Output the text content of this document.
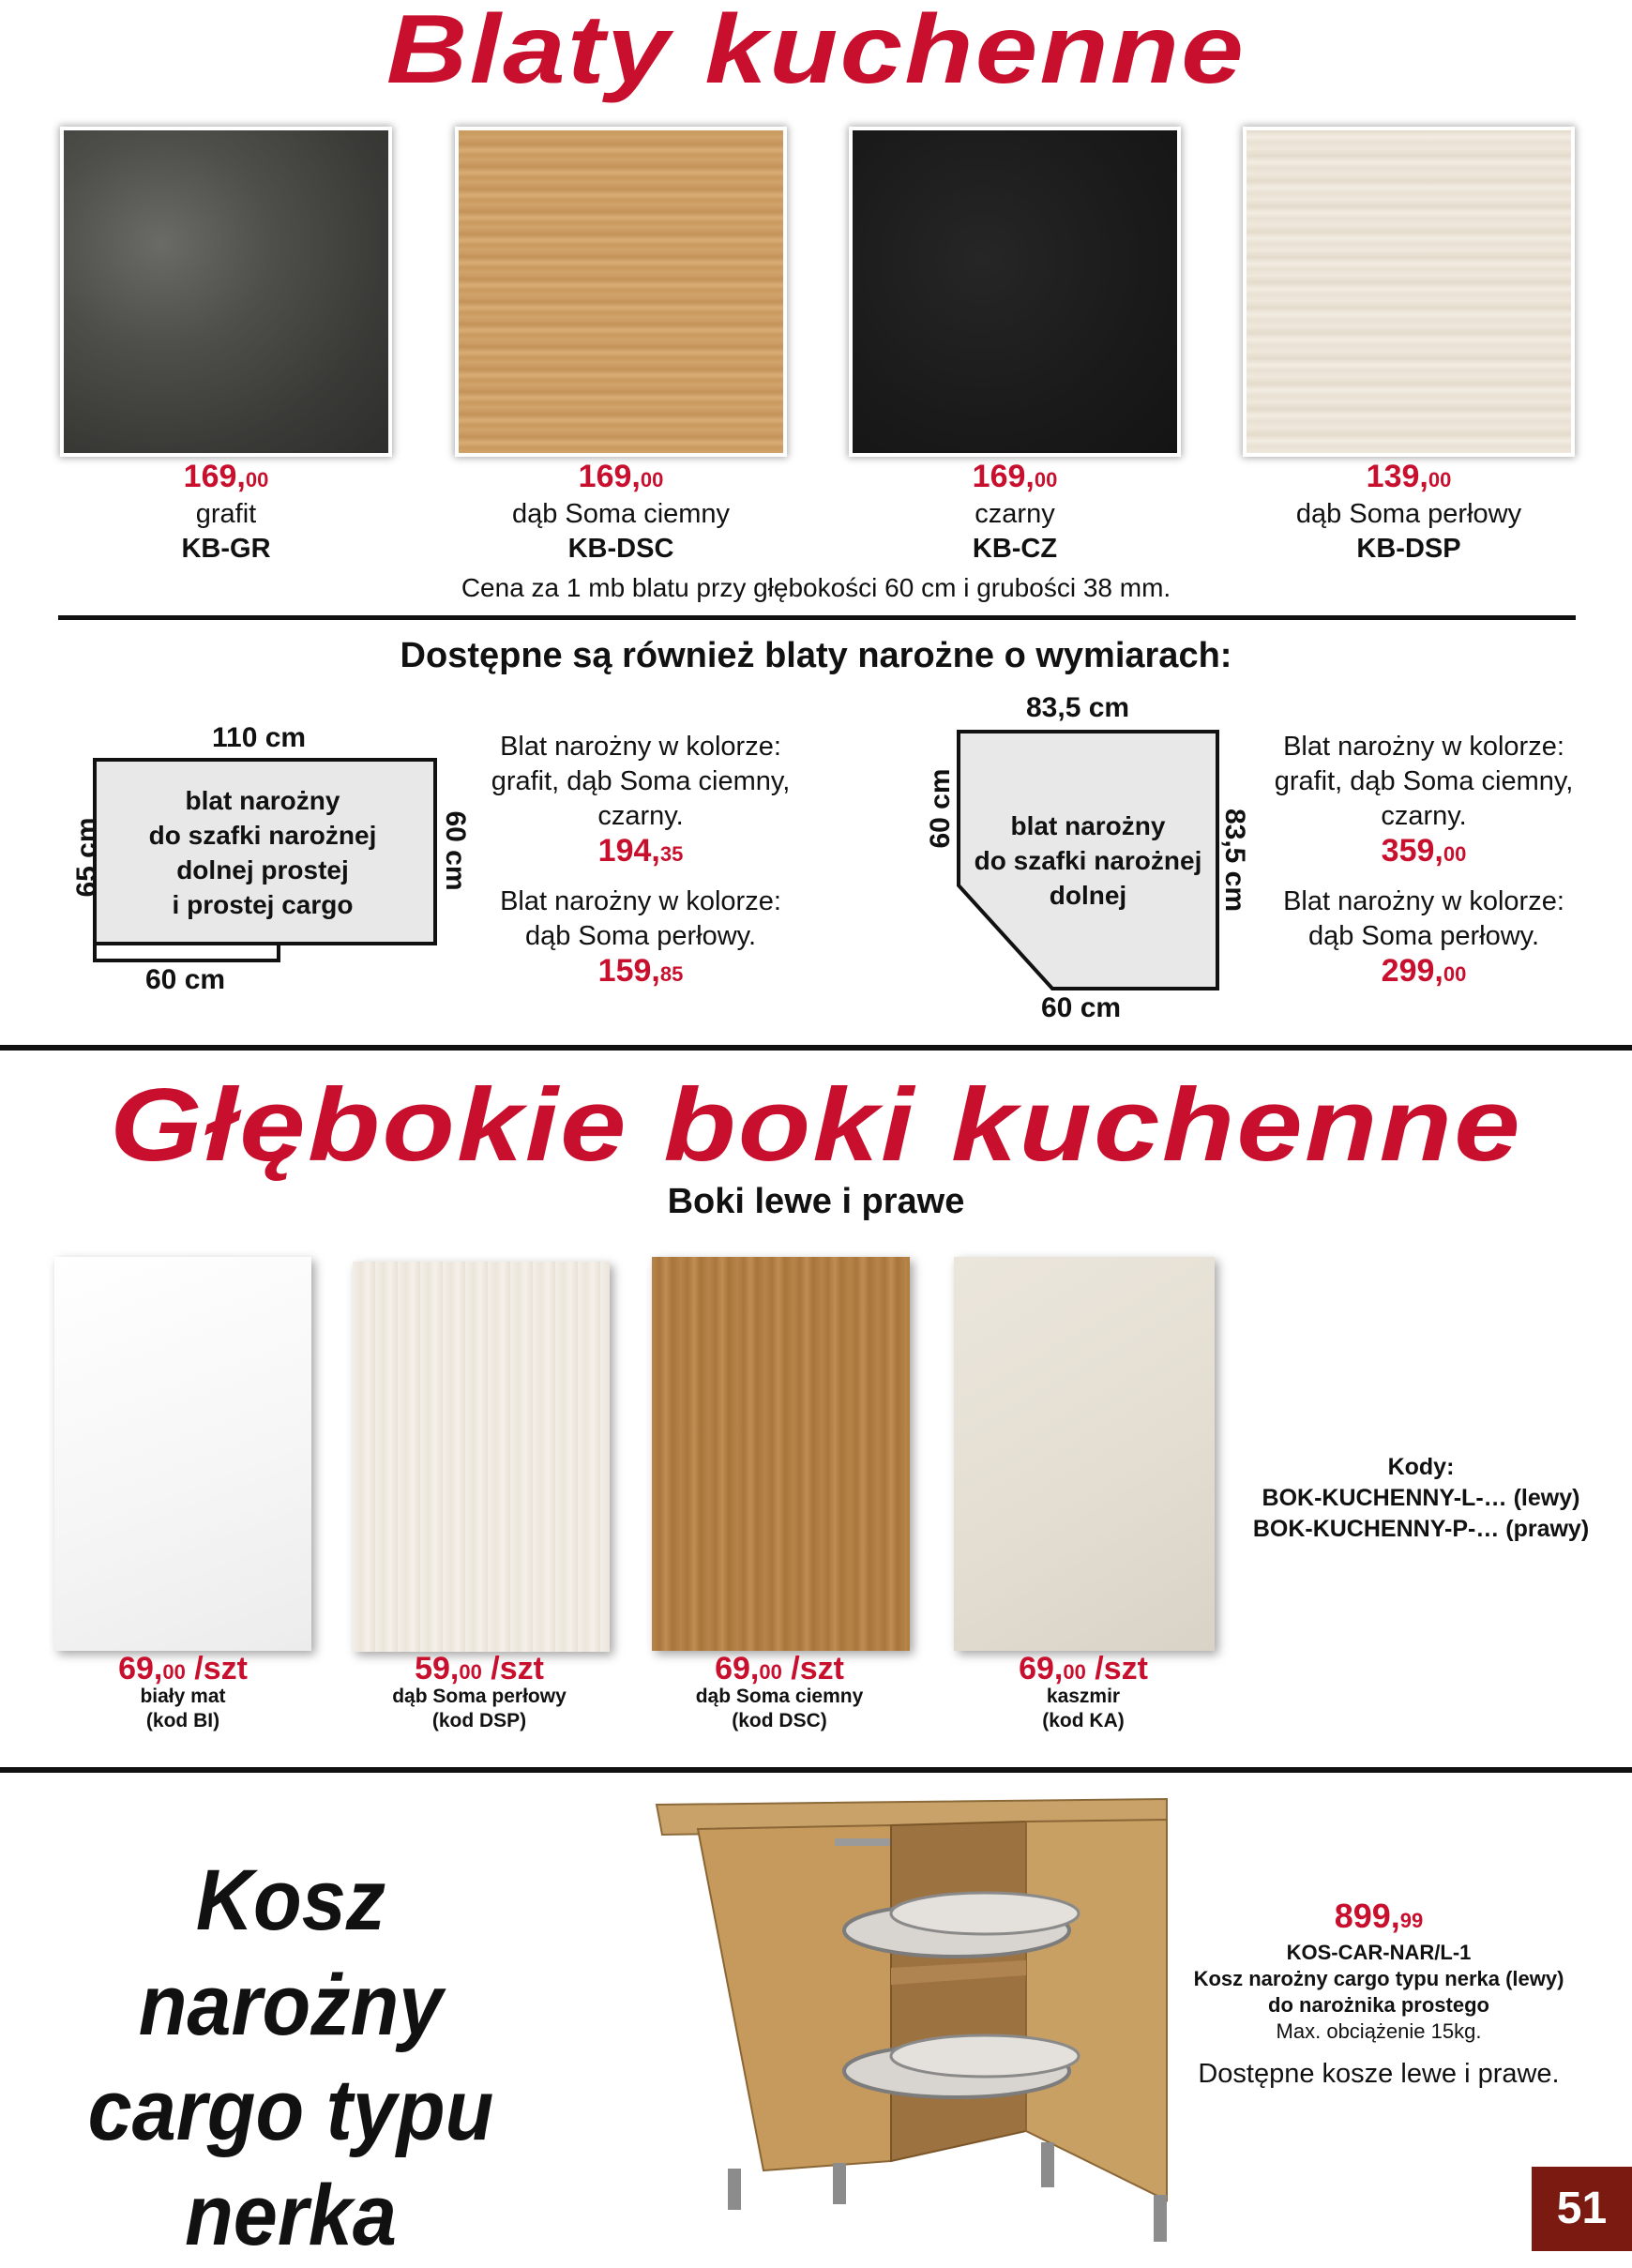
Blaty kuchenne
169,00
grafit
KB-GR
169,00
dąb Soma ciemny
KB-DSC
169,00
czarny
KB-CZ
139,00
dąb Soma perłowy
KB-DSP
Cena za 1 mb blatu przy głębokości 60 cm i grubości 38 mm.
Dostępne są również blaty narożne o wymiarach:
110 cm
65 cm	60 cm
60 cm
blat narożny
do szafki narożnej
dolnej prostej
i prostej cargo
Blat narożny w kolorze:
grafit, dąb Soma ciemny,
czarny.
194,35
Blat narożny w kolorze:
dąb Soma perłowy.
159,85
83,5 cm
60 cm	83,5 cm
60 cm
blat narożny
do szafki narożnej
dolnej
Blat narożny w kolorze:
grafit, dąb Soma ciemny,
czarny.
359,00
Blat narożny w kolorze:
dąb Soma perłowy.
299,00
Głębokie boki kuchenne
Boki lewe i prawe
69,00 /szt
biały mat
(kod BI)
59,00 /szt
dąb Soma perłowy
(kod DSP)
69,00 /szt
dąb Soma ciemny
(kod DSC)
69,00 /szt
kaszmir
(kod KA)
Kody:
BOK-KUCHENNY-L-… (lewy)
BOK-KUCHENNY-P-… (prawy)
Kosz narożny
cargo typu
nerka
899,99
KOS-CAR-NAR/L-1
Kosz narożny cargo typu nerka (lewy)
do narożnika prostego
Max. obciążenie 15kg.
Dostępne kosze lewe i prawe.
51
